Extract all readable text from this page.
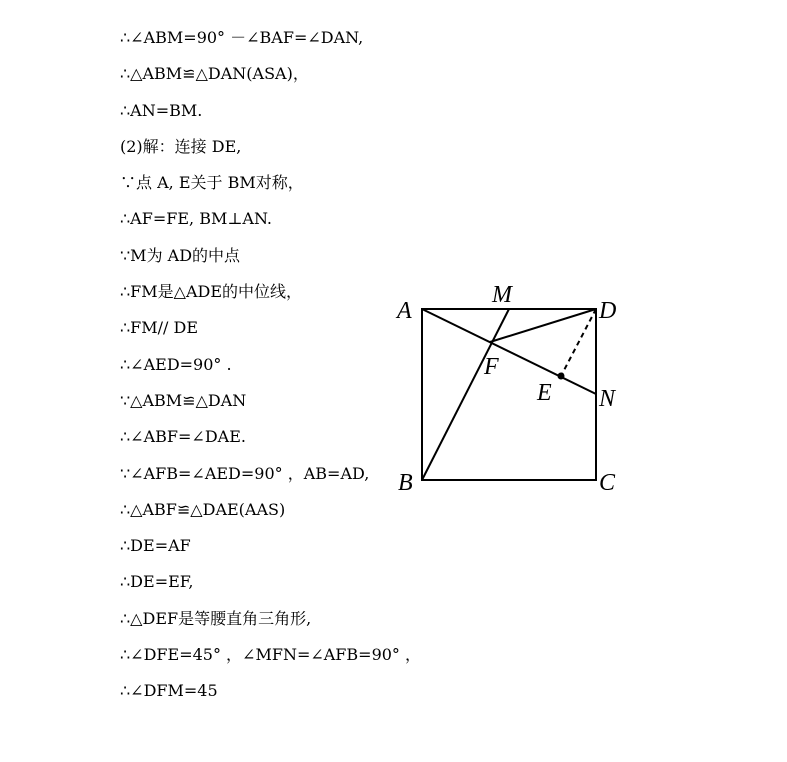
∴∠ABM=90° －∠BAF=∠DAN,
∴△ABM≌△DAN(ASA)，
∴AN=BM.
(2)解：连接 DE,
∵点 A, E关于 BM对称，
∴AF=FE, BM⊥AN.
∵M为 AD的中点
∴FM是△ADE的中位线，
∴FM// DE
∴∠AED=90° .
∵△ABM≌△DAN
∴∠ABF=∠DAE.
∵∠AFB=∠AED=90° ，AB=AD,
∴△ABF≌△DAE(AAS)
∴DE=AF
∴DE=EF,
∴△DEF是等腰直角三角形,
∴∠DFE=45° ，∠MFN=∠AFB=90° ，
∴∠DFM=45
A
M
D
F
E N
B	C
